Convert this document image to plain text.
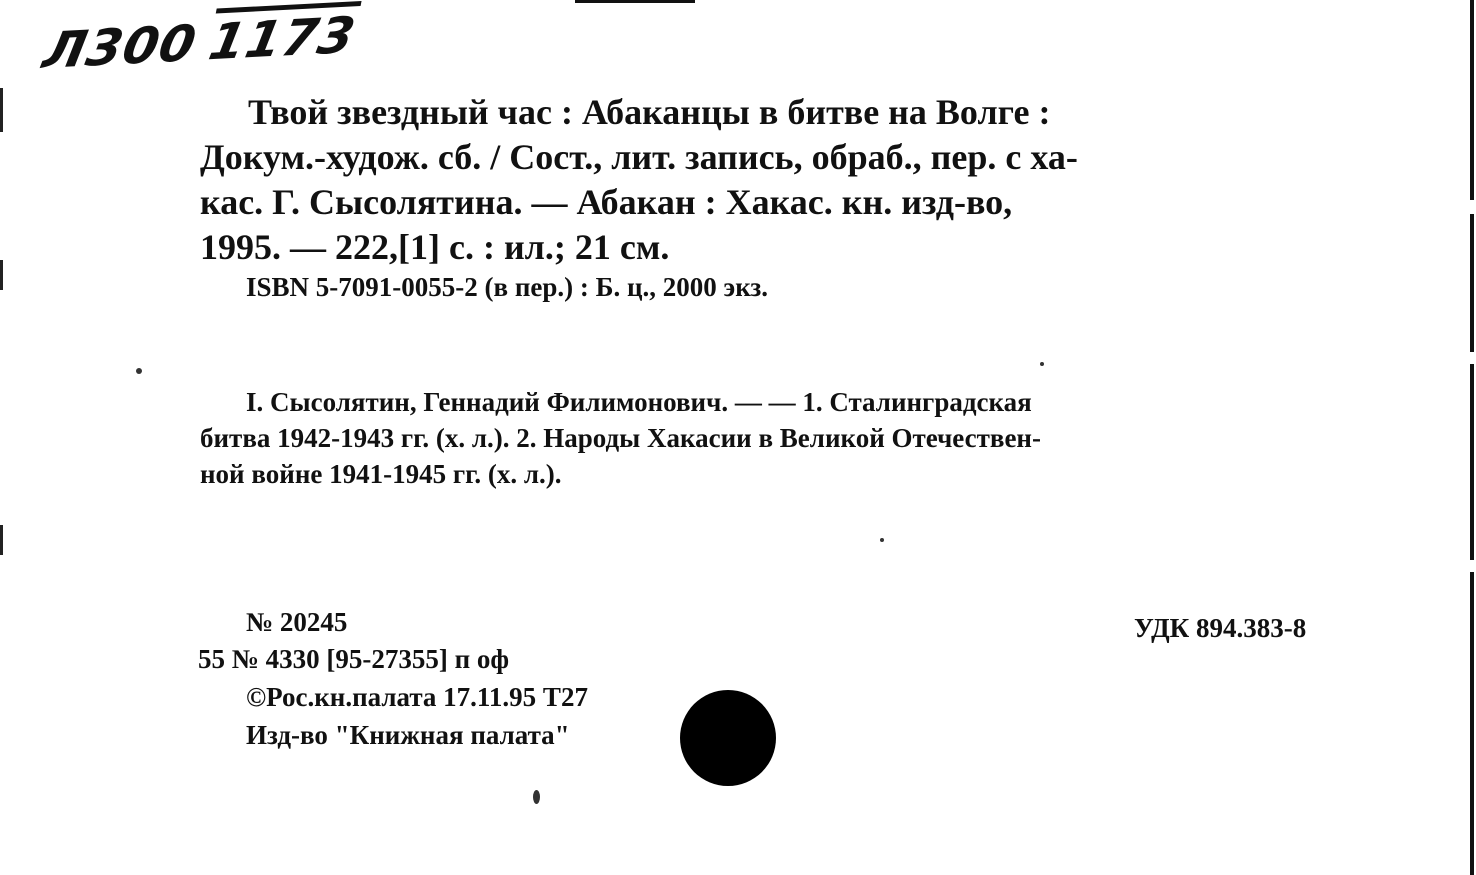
Л3001173
Твой звездный час : Абаканцы в битве на Волге :
Докум.-худож. сб. / Сост., лит. запись, обраб., пер. с ха-
кас. Г. Сысолятина. — Абакан : Хакас. кн. изд-во,
1995. — 222,[1] с. : ил.; 21 см.
ISBN 5-7091-0055-2 (в пер.) : Б. ц., 2000 экз.
I. Сысолятин, Геннадий Филимонович. — — 1. Сталинградская
битва 1942-1943 гг. (х. л.). 2. Народы Хакасии в Великой Отечествен-
ной войне 1941-1945 гг. (х. л.).
№ 20245	УДК 894.383-8
55 № 4330 [95-27355] п оф
©Рос.кн.палата 17.11.95 Т27
Изд-во "Книжная палата"
